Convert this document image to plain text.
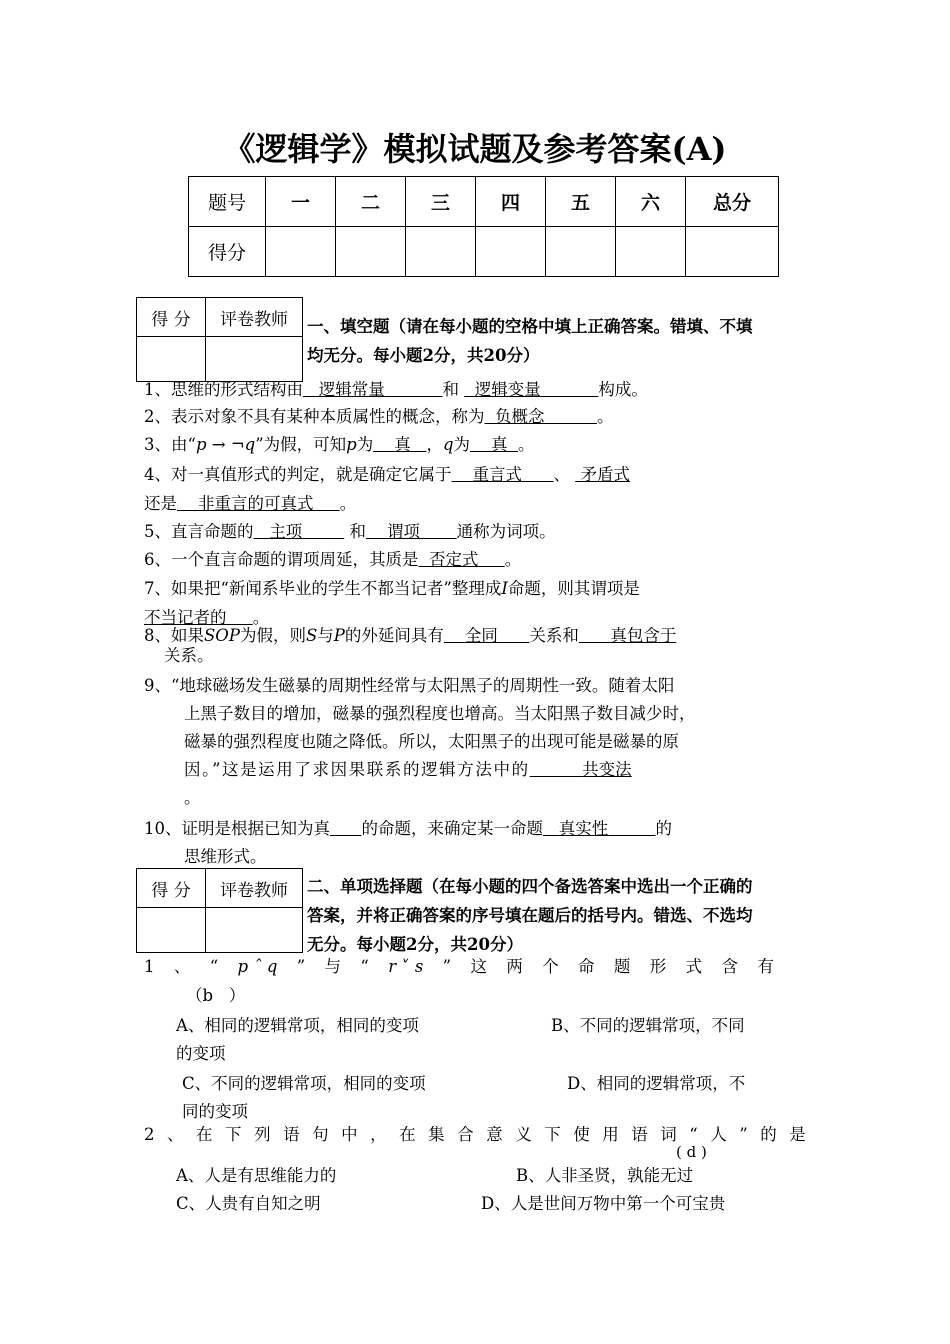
《逻辑学》模拟试题及参考答案(A)
题号	一	二	三	四	五	六	总分
得分							
得 分	评卷教师
	一、填空题（请在每小题的空格中填上正确答案。错填、不填
均无分。每小题2分，共20分）
1、思维的形式结构由 逻辑常量	和 逻辑变量	构成。
2、表示对象不具有某种本质属性的概念，称为 负概念	。
3、由“p → ¬q”为假，可知p为 真 ，q为 真 。
4、对一真值形式的判定，就是确定它属于 重言式 、 矛盾式
还是 非重言的可真式 。
5、直言命题的 主项	和 谓项 通称为词项。
6、一个直言命题的谓项周延，其质是 否定式 。
7、如果把“新闻系毕业的学生不都当记者”整理成I命题，则其谓项是
不当记者的 。
8、如果SOP为假，则S与P的外延间具有 全同 关系和 真包含于
关系。
9、“地球磁场发生磁暴的周期性经常与太阳黑子的周期性一致。随着太阳
上黑子数目的增加，磁暴的强烈程度也增高。当太阳黑子数目减少时，
磁暴的强烈程度也随之降低。所以，太阳黑子的出现可能是磁暴的原
因。”这是运用了求因果联系的逻辑方法中的	共变法
。
10、证明是根据已知为真 的命题，来确定某一命题 真实性	的
思维形式。
得 分	评卷教师
	二、单项选择题（在每小题的四个备选答案中选出一个正确的
答案，并将正确答案的序号填在题后的括号内。错选、不选均
无分。每小题2分，共20分）
1 、 “ p ˆ q ” 与 “ r ˅ s ” 这 两 个 命 题 形 式 含 有
（b   ）
A、相同的逻辑常项，相同的变项	B、不同的逻辑常项，不同
的变项
C、不同的逻辑常项，相同的变项	D、相同的逻辑常项，不
同的变项
2 、 在 下 列 语 句 中 ， 在 集 合 意 义 下 使 用 语 词 “ 人 ” 的 是
( d )
A、人是有思维能力的	B、人非圣贤，孰能无过
C、人贵有自知之明	D、人是世间万物中第一个可宝贵
